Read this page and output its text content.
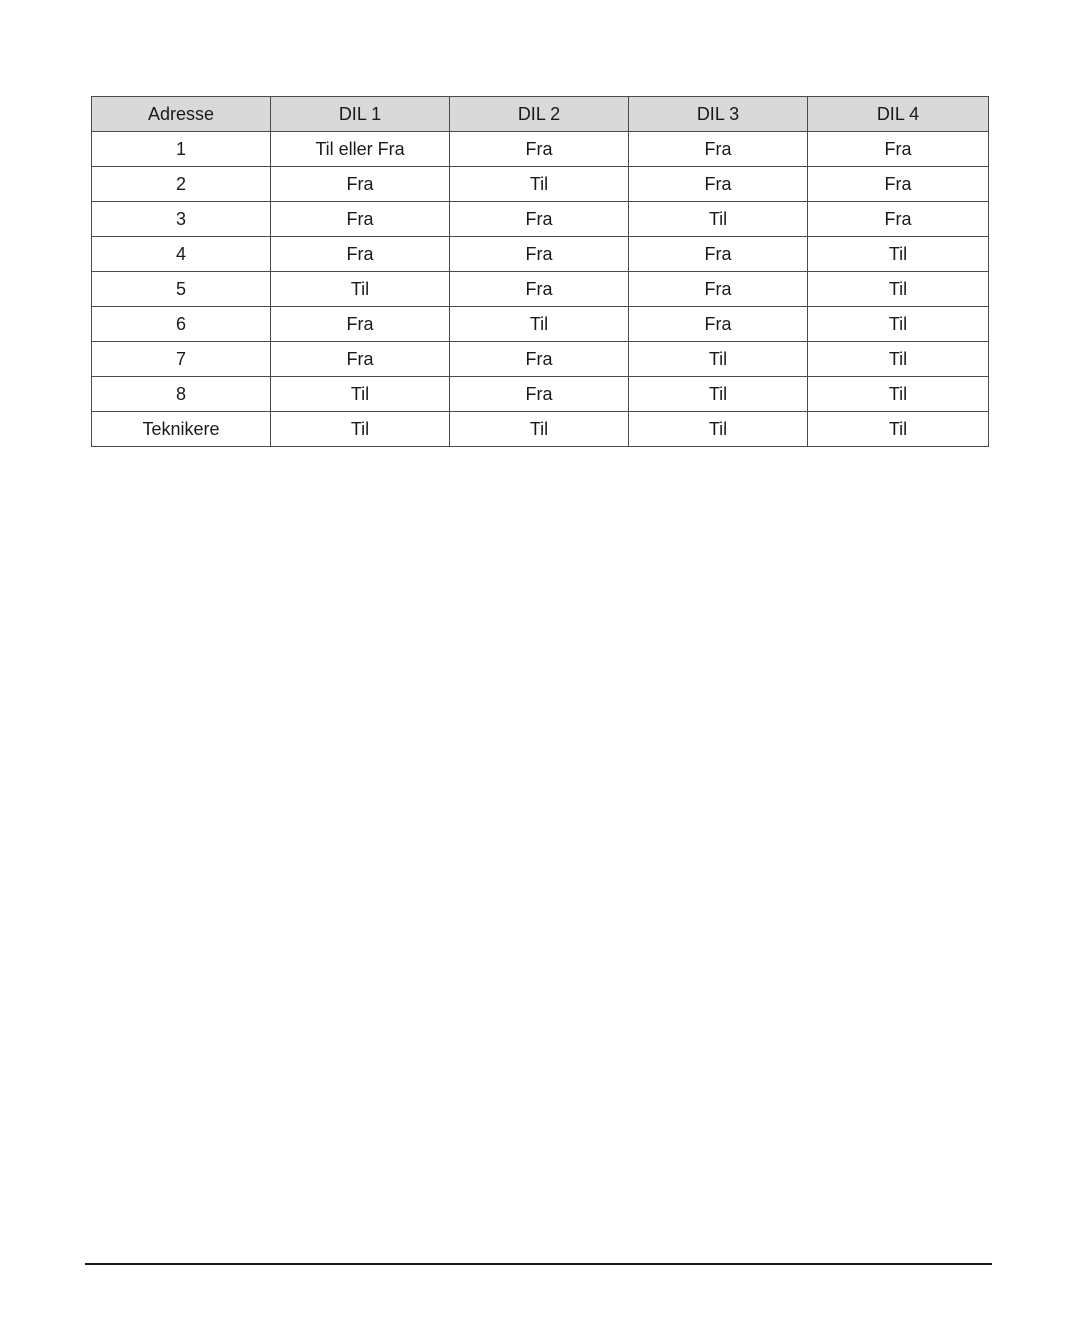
Adresse	DIL 1	DIL 2	DIL 3	DIL 4
1	Til eller Fra	Fra	Fra	Fra
2	Fra	Til	Fra	Fra
3	Fra	Fra	Til	Fra
4	Fra	Fra	Fra	Til
5	Til	Fra	Fra	Til
6	Fra	Til	Fra	Til
7	Fra	Fra	Til	Til
8	Til	Fra	Til	Til
Teknikere	Til	Til	Til	Til
